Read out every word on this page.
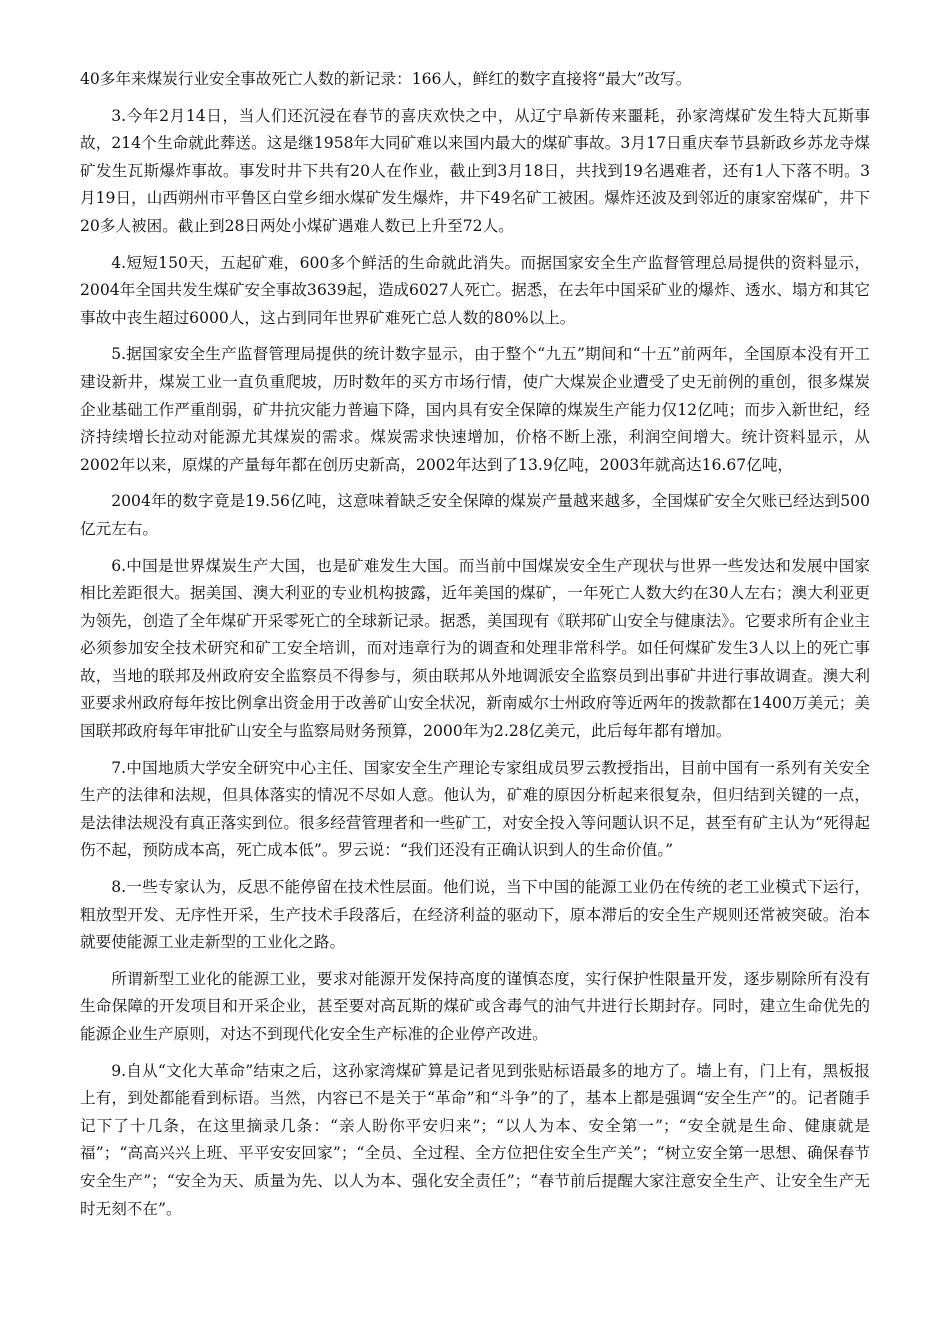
40多年来煤炭行业安全事故死亡人数的新记录：166人，鲜红的数字直接将“最大”改写。

3.今年2月14日，当人们还沉浸在春节的喜庆欢快之中，从辽宁阜新传来噩耗，孙家湾煤矿发生特大瓦斯事故，214个生命就此葬送。这是继1958年大同矿难以来国内最大的煤矿事故。3月17日重庆奉节县新政乡苏龙寺煤矿发生瓦斯爆炸事故。事发时井下共有20人在作业，截止到3月18日，共找到19名遇难者，还有1人下落不明。3月19日，山西朔州市平鲁区白堂乡细水煤矿发生爆炸，井下49名矿工被困。爆炸还波及到邻近的康家窑煤矿，井下20多人被困。截止到28日两处小煤矿遇难人数已上升至72人。

4.短短150天，五起矿难，600多个鲜活的生命就此消失。而据国家安全生产监督管理总局提供的资料显示，2004年全国共发生煤矿安全事故3639起，造成6027人死亡。据悉，在去年中国采矿业的爆炸、透水、塌方和其它事故中丧生超过6000人，这占到同年世界矿难死亡总人数的80%以上。

5.据国家安全生产监督管理局提供的统计数字显示，由于整个“九五”期间和“十五”前两年，全国原本没有开工建设新井，煤炭工业一直负重爬坡，历时数年的买方市场行情，使广大煤炭企业遭受了史无前例的重创，很多煤炭企业基础工作严重削弱，矿井抗灾能力普遍下降，国内具有安全保障的煤炭生产能力仅12亿吨；而步入新世纪，经济持续增长拉动对能源尤其煤炭的需求。煤炭需求快速增加，价格不断上涨，利润空间增大。统计资料显示，从2002年以来，原煤的产量每年都在创历史新高，2002年达到了13.9亿吨，2003年就高达16.67亿吨，

2004年的数字竟是19.56亿吨，这意味着缺乏安全保障的煤炭产量越来越多，全国煤矿安全欠账已经达到500亿元左右。

6.中国是世界煤炭生产大国，也是矿难发生大国。而当前中国煤炭安全生产现状与世界一些发达和发展中国家相比差距很大。据美国、澳大利亚的专业机构披露，近年美国的煤矿，一年死亡人数大约在30人左右；澳大利亚更为领先，创造了全年煤矿开采零死亡的全球新记录。据悉，美国现有《联邦矿山安全与健康法》。它要求所有企业主必须参加安全技术研究和矿工安全培训，而对违章行为的调查和处理非常科学。如任何煤矿发生3人以上的死亡事故，当地的联邦及州政府安全监察员不得参与，须由联邦从外地调派安全监察员到出事矿井进行事故调查。澳大利亚要求州政府每年按比例拿出资金用于改善矿山安全状况，新南威尔士州政府等近两年的拨款都在1400万美元；美国联邦政府每年审批矿山安全与监察局财务预算，2000年为2.28亿美元，此后每年都有增加。

7.中国地质大学安全研究中心主任、国家安全生产理论专家组成员罗云教授指出，目前中国有一系列有关安全生产的法律和法规，但具体落实的情况不尽如人意。他认为，矿难的原因分析起来很复杂，但归结到关键的一点，是法律法规没有真正落实到位。很多经营管理者和一些矿工，对安全投入等问题认识不足，甚至有矿主认为“死得起伤不起，预防成本高，死亡成本低”。罗云说：“我们还没有正确认识到人的生命价值。”

8.一些专家认为，反思不能停留在技术性层面。他们说，当下中国的能源工业仍在传统的老工业模式下运行，粗放型开发、无序性开采，生产技术手段落后，在经济利益的驱动下，原本滞后的安全生产规则还常被突破。治本就要使能源工业走新型的工业化之路。

所谓新型工业化的能源工业，要求对能源开发保持高度的谨慎态度，实行保护性限量开发，逐步剔除所有没有生命保障的开发项目和开采企业，甚至要对高瓦斯的煤矿或含毒气的油气井进行长期封存。同时，建立生命优先的能源企业生产原则，对达不到现代化安全生产标准的企业停产改进。

9.自从“文化大革命”结束之后，这孙家湾煤矿算是记者见到张贴标语最多的地方了。墙上有，门上有，黑板报上有，到处都能看到标语。当然，内容已不是关于“革命”和“斗争”的了，基本上都是强调“安全生产”的。记者随手记下了十几条，在这里摘录几条：“亲人盼你平安归来”；“以人为本、安全第一”；“安全就是生命、健康就是福”；“高高兴兴上班、平平安安回家”；“全员、全过程、全方位把住安全生产关”；“树立安全第一思想、确保春节安全生产”；“安全为天、质量为先、以人为本、强化安全责任”；“春节前后提醒大家注意安全生产、让安全生产无时无刻不在”。
